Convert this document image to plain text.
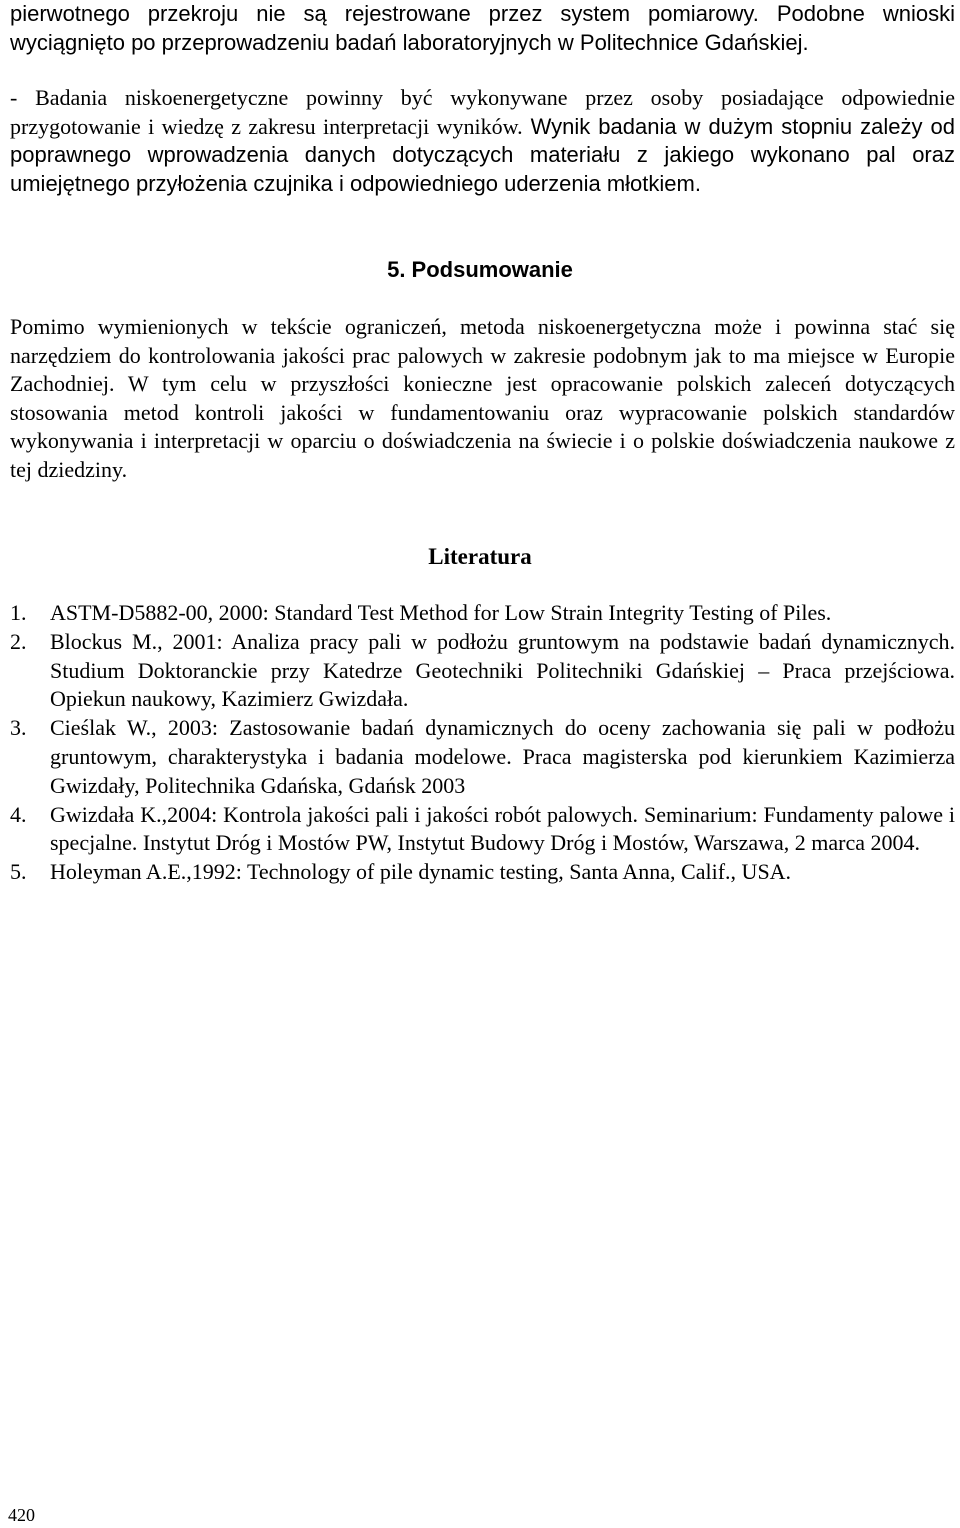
pierwotnego przekroju nie są rejestrowane przez system pomiarowy. Podobne wnioski wyciągnięto po przeprowadzeniu badań laboratoryjnych w Politechnice Gdańskiej.
- Badania niskoenergetyczne powinny być wykonywane przez osoby posiadające odpowiednie przygotowanie i wiedzę z zakresu interpretacji wyników. Wynik badania w dużym stopniu zależy od poprawnego wprowadzenia danych dotyczących materiału z jakiego wykonano pal oraz umiejętnego przyłożenia czujnika i odpowiedniego uderzenia młotkiem.
5. Podsumowanie
Pomimo wymienionych w tekście ograniczeń, metoda niskoenergetyczna może i powinna stać się narzędziem do kontrolowania jakości prac palowych w zakresie podobnym jak to ma miejsce w Europie Zachodniej. W tym celu w przyszłości konieczne jest opracowanie polskich zaleceń dotyczących stosowania metod kontroli jakości w fundamentowaniu oraz wypracowanie polskich standardów wykonywania i interpretacji w oparciu o doświadczenia na świecie i o polskie doświadczenia naukowe z tej dziedziny.
Literatura
1. ASTM-D5882-00, 2000: Standard Test Method for Low Strain Integrity Testing of Piles.
2. Blockus M., 2001: Analiza pracy pali w podłożu gruntowym na podstawie badań dynamicznych. Studium Doktoranckie przy Katedrze Geotechniki Politechniki Gdańskiej – Praca przejściowa. Opiekun naukowy, Kazimierz Gwizdała.
3. Cieślak W., 2003: Zastosowanie badań dynamicznych do oceny zachowania się pali w podłożu gruntowym, charakterystyka i badania modelowe. Praca magisterska pod kierunkiem Kazimierza Gwizdały, Politechnika Gdańska, Gdańsk 2003
4. Gwizdała K.,2004: Kontrola jakości pali i jakości robót palowych. Seminarium: Fundamenty palowe i specjalne. Instytut Dróg i Mostów PW, Instytut Budowy Dróg i Mostów, Warszawa, 2 marca 2004.
5. Holeyman A.E.,1992: Technology of pile dynamic testing, Santa Anna, Calif., USA.
420
